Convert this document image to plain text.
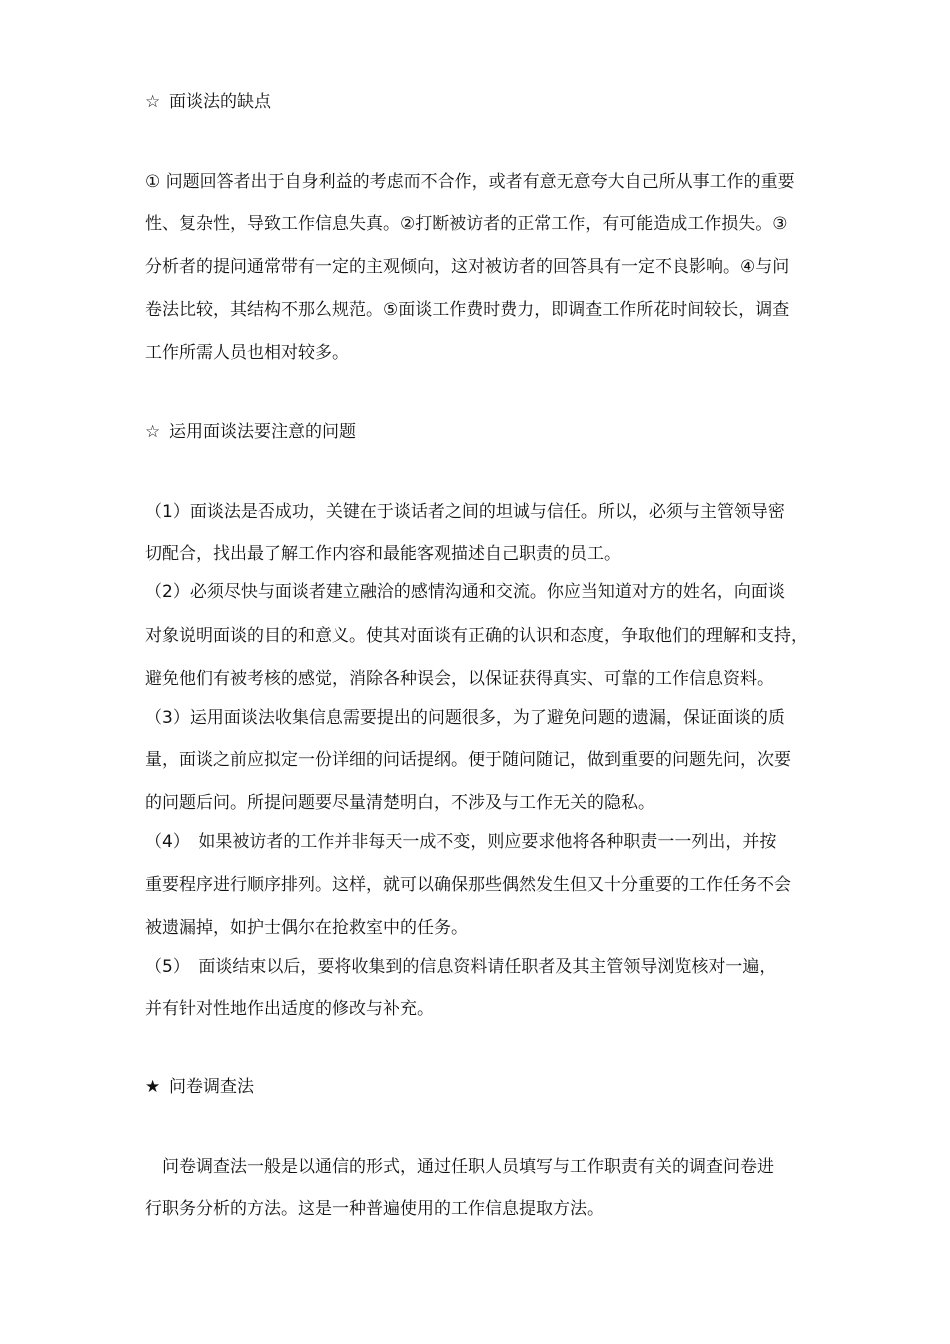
☆ 面谈法的缺点
① 问题回答者出于自身利益的考虑而不合作，或者有意无意夸大自己所从事工作的重要
性、复杂性，导致工作信息失真。②打断被访者的正常工作，有可能造成工作损失。③
分析者的提问通常带有一定的主观倾向，这对被访者的回答具有一定不良影响。④与问
卷法比较，其结构不那么规范。⑤面谈工作费时费力，即调查工作所花时间较长，调查
工作所需人员也相对较多。
☆ 运用面谈法要注意的问题
（1）面谈法是否成功，关键在于谈话者之间的坦诚与信任。所以，必须与主管领导密
切配合，找出最了解工作内容和最能客观描述自己职责的员工。
（2）必须尽快与面谈者建立融洽的感情沟通和交流。你应当知道对方的姓名，向面谈
对象说明面谈的目的和意义。使其对面谈有正确的认识和态度，争取他们的理解和支持，
避免他们有被考核的感觉，消除各种误会，以保证获得真实、可靠的工作信息资料。
（3）运用面谈法收集信息需要提出的问题很多，为了避免问题的遗漏，保证面谈的质
量，面谈之前应拟定一份详细的问话提纲。便于随问随记，做到重要的问题先问，次要
的问题后问。所提问题要尽量清楚明白，不涉及与工作无关的隐私。
（4）　如果被访者的工作并非每天一成不变，则应要求他将各种职责一一列出，并按
重要程序进行顺序排列。这样，就可以确保那些偶然发生但又十分重要的工作任务不会
被遗漏掉，如护士偶尔在抢救室中的任务。
（5）　面谈结束以后，要将收集到的信息资料请任职者及其主管领导浏览核对一遍，
并有针对性地作出适度的修改与补充。
★ 问卷调查法
　问卷调查法一般是以通信的形式，通过任职人员填写与工作职责有关的调查问卷进
行职务分析的方法。这是一种普遍使用的工作信息提取方法。
